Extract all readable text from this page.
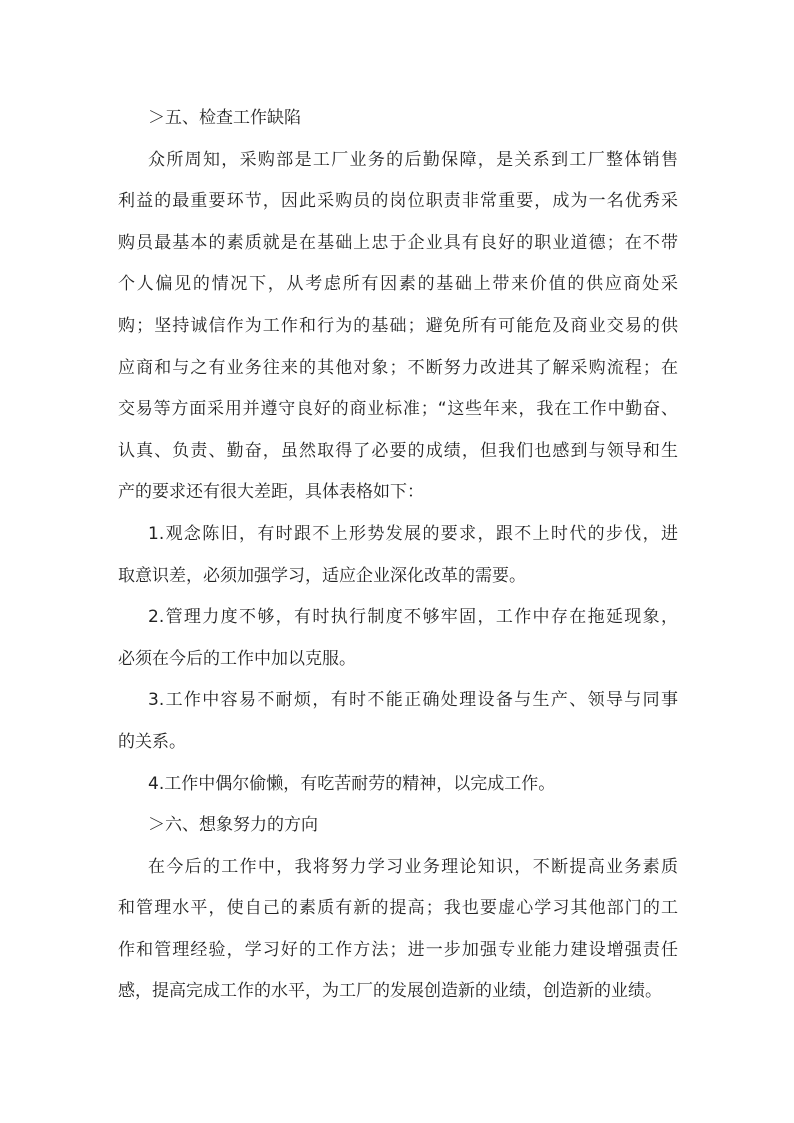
＞五、检查工作缺陷
众所周知，采购部是工厂业务的后勤保障，是关系到工厂整体销售
利益的最重要环节，因此采购员的岗位职责非常重要，成为一名优秀采
购员最基本的素质就是在基础上忠于企业具有良好的职业道德；在不带
个人偏见的情况下，从考虑所有因素的基础上带来价值的供应商处采
购；坚持诚信作为工作和行为的基础；避免所有可能危及商业交易的供
应商和与之有业务往来的其他对象；不断努力改进其了解采购流程；在
交易等方面采用并遵守良好的商业标准；“这些年来，我在工作中勤奋、
认真、负责、勤奋，虽然取得了必要的成绩，但我们也感到与领导和生
产的要求还有很大差距，具体表格如下：
1.观念陈旧，有时跟不上形势发展的要求，跟不上时代的步伐，进
取意识差，必须加强学习，适应企业深化改革的需要。
2.管理力度不够，有时执行制度不够牢固，工作中存在拖延现象，
必须在今后的工作中加以克服。
3.工作中容易不耐烦，有时不能正确处理设备与生产、领导与同事
的关系。
4.工作中偶尔偷懒，有吃苦耐劳的精神，以完成工作。
＞六、想象努力的方向
在今后的工作中，我将努力学习业务理论知识，不断提高业务素质
和管理水平，使自己的素质有新的提高；我也要虚心学习其他部门的工
作和管理经验，学习好的工作方法；进一步加强专业能力建设增强责任
感，提高完成工作的水平，为工厂的发展创造新的业绩，创造新的业绩。
